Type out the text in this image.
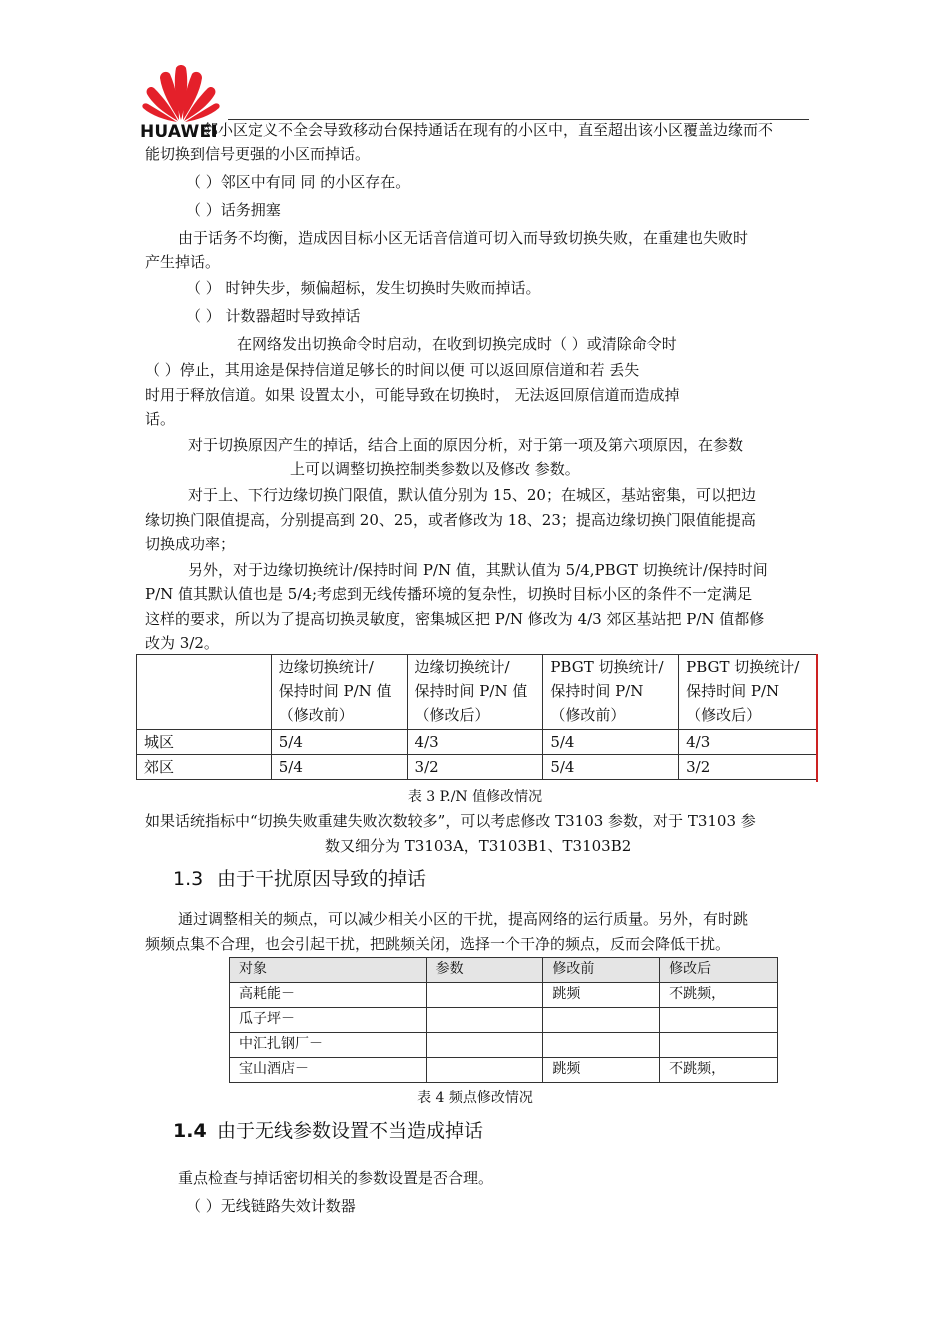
HUAWEI
邻小区定义不全会导致移动台保持通话在现有的小区中，直至超出该小区覆盖边缘而不
能切换到信号更强的小区而掉话。
（ ）邻区中有同 同 的小区存在。
（ ）话务拥塞
由于话务不均衡，造成因目标小区无话音信道可切入而导致切换失败，在重建也失败时
产生掉话。
（ ） 时钟失步，频偏超标，发生切换时失败而掉话。
（ ） 计数器超时导致掉话
在网络发出切换命令时启动，在收到切换完成时（ ）或清除命令时
（ ）停止，其用途是保持信道足够长的时间以便 可以返回原信道和若 丢失
时用于释放信道。如果 设置太小，可能导致在切换时， 无法返回原信道而造成掉
话。
对于切换原因产生的掉话，结合上面的原因分析，对于第一项及第六项原因，在参数
上可以调整切换控制类参数以及修改 参数。
对于上、下行边缘切换门限值，默认值分别为 15、20；在城区，基站密集，可以把边
缘切换门限值提高，分别提高到 20、25，或者修改为 18、23；提高边缘切换门限值能提高
切换成功率；
另外，对于边缘切换统计/保持时间 P/N 值，其默认值为 5/4,PBGT 切换统计/保持时间
P/N 值其默认值也是 5/4;考虑到无线传播环境的复杂性，切换时目标小区的条件不一定满足
这样的要求，所以为了提高切换灵敏度，密集城区把 P/N 修改为 4/3 郊区基站把 P/N 值都修
改为 3/2。
	边缘切换统计/
保持时间 P/N 值
（修改前）	边缘切换统计/
保持时间 P/N 值
（修改后）	PBGT 切换统计/
保持时间 P/N
（修改前）	PBGT 切换统计/
保持时间 P/N
（修改后）
城区	5/4	4/3	5/4	4/3
郊区	5/4	3/2	5/4	3/2
表 3 P./N 值修改情况
如果话统指标中“切换失败重建失败次数较多”，可以考虑修改 T3103 参数，对于 T3103 参
数又细分为 T3103A，T3103B1、T3103B2
1.3 由于干扰原因导致的掉话
通过调整相关的频点，可以减少相关小区的干扰，提高网络的运行质量。另外，有时跳
频频点集不合理，也会引起干扰，把跳频关闭，选择一个干净的频点，反而会降低干扰。
对象	参数	修改前	修改后
高耗能－		跳频	不跳频，
瓜子坪－			
中汇扎钢厂－			
宝山酒店－		跳频	不跳频，
表 4 频点修改情况
1.4 由于无线参数设置不当造成掉话
重点检查与掉话密切相关的参数设置是否合理。
（ ）无线链路失效计数器
